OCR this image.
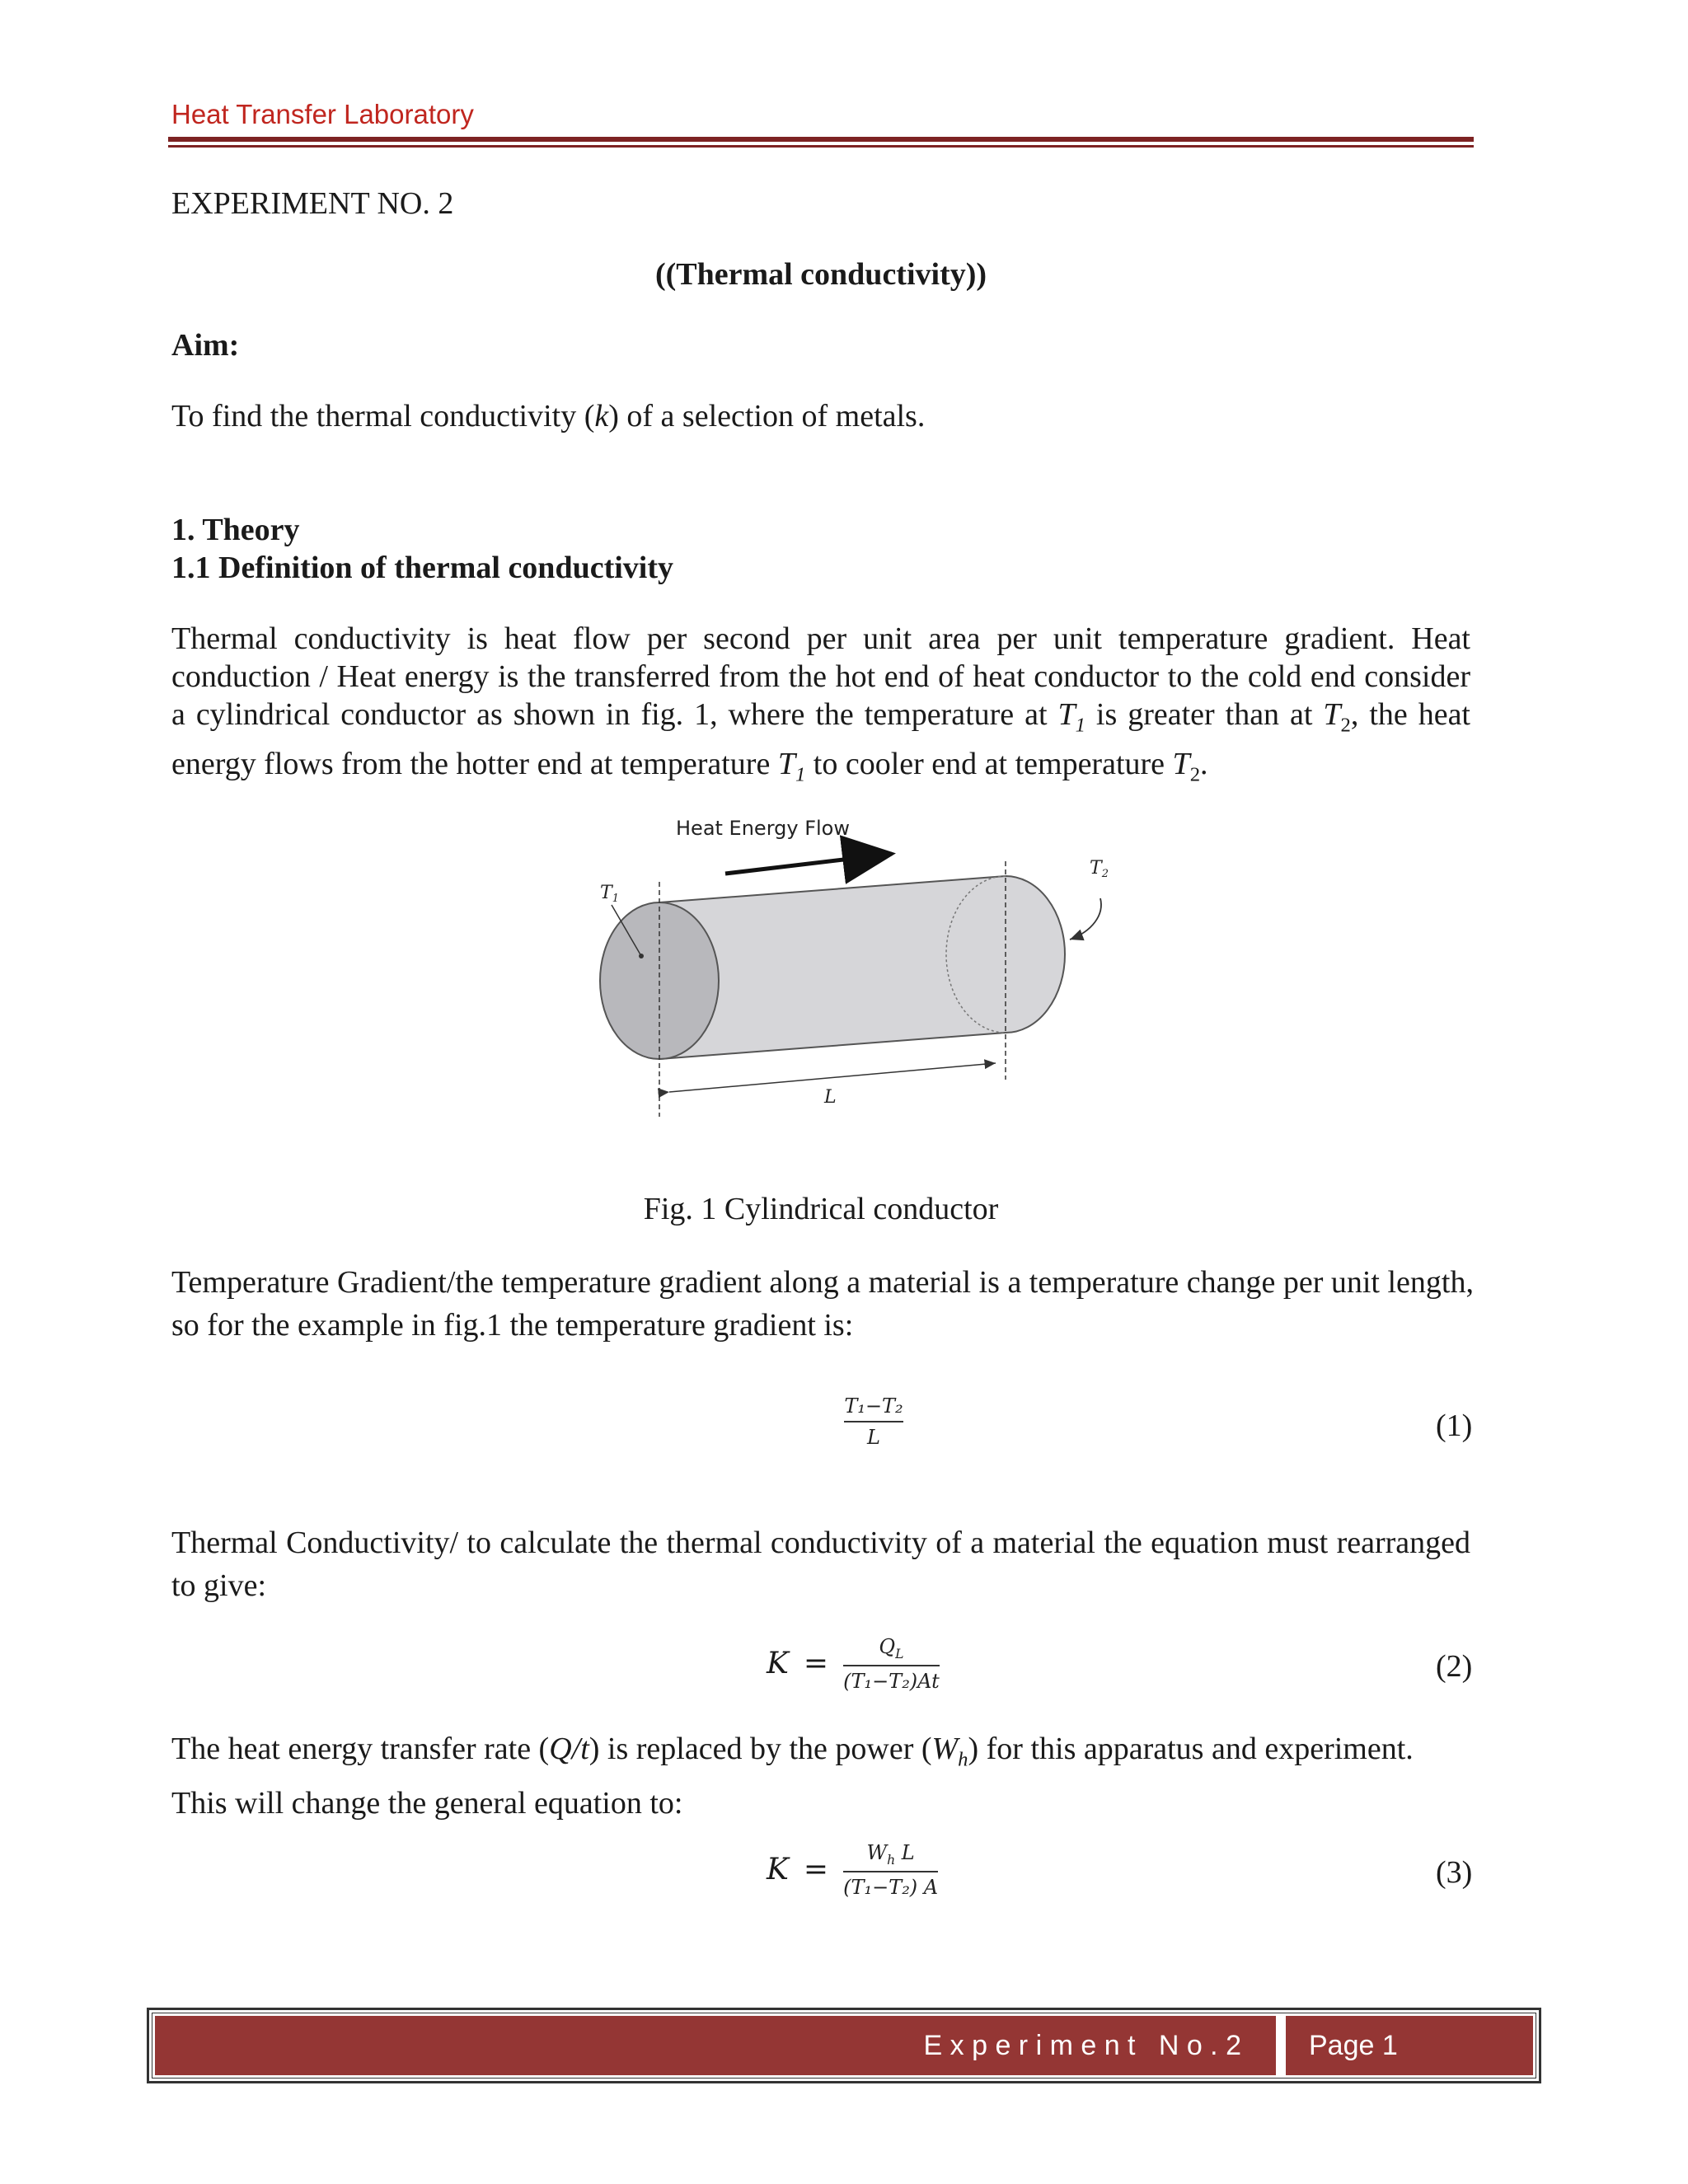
Heat Transfer Laboratory
EXPERIMENT NO. 2
((Thermal conductivity))
Aim:
To find the thermal conductivity (k) of a selection of metals.
1. Theory
1.1 Definition of thermal conductivity
Thermal conductivity is heat flow per second per unit area per unit temperature gradient. Heat conduction / Heat energy is the transferred from the hot end of heat conductor to the cold end consider a cylindrical conductor as shown in fig. 1, where the temperature at $T_1$ is greater than at $T_2$, the heat energy flows from the hotter end at temperature $T_1$ to cooler end at temperature $T_2$.
T1
T2
Heat Energy Flow
L
Fig. 1 Cylindrical conductor
Temperature Gradient/the temperature gradient along a material is a temperature change per unit length, so for the example in fig.1 the temperature gradient is:
$\frac{\text{T₁−T₂}}{L}$	(1)
Thermal Conductivity/ to calculate the thermal conductivity of a material the equation must rearranged to give:
$K = \frac{Q_L}{\text{(T₁−T₂)At}}$	(2)
The heat energy transfer rate (Q/t) is replaced by the power $(W_h)$ for this apparatus and experiment. This will change the general equation to:
$K = \frac{W_h L}{\text{(T₁−T₂) A}}$	(3)
E x p e r i m e n t   N o . 2 Page 1
